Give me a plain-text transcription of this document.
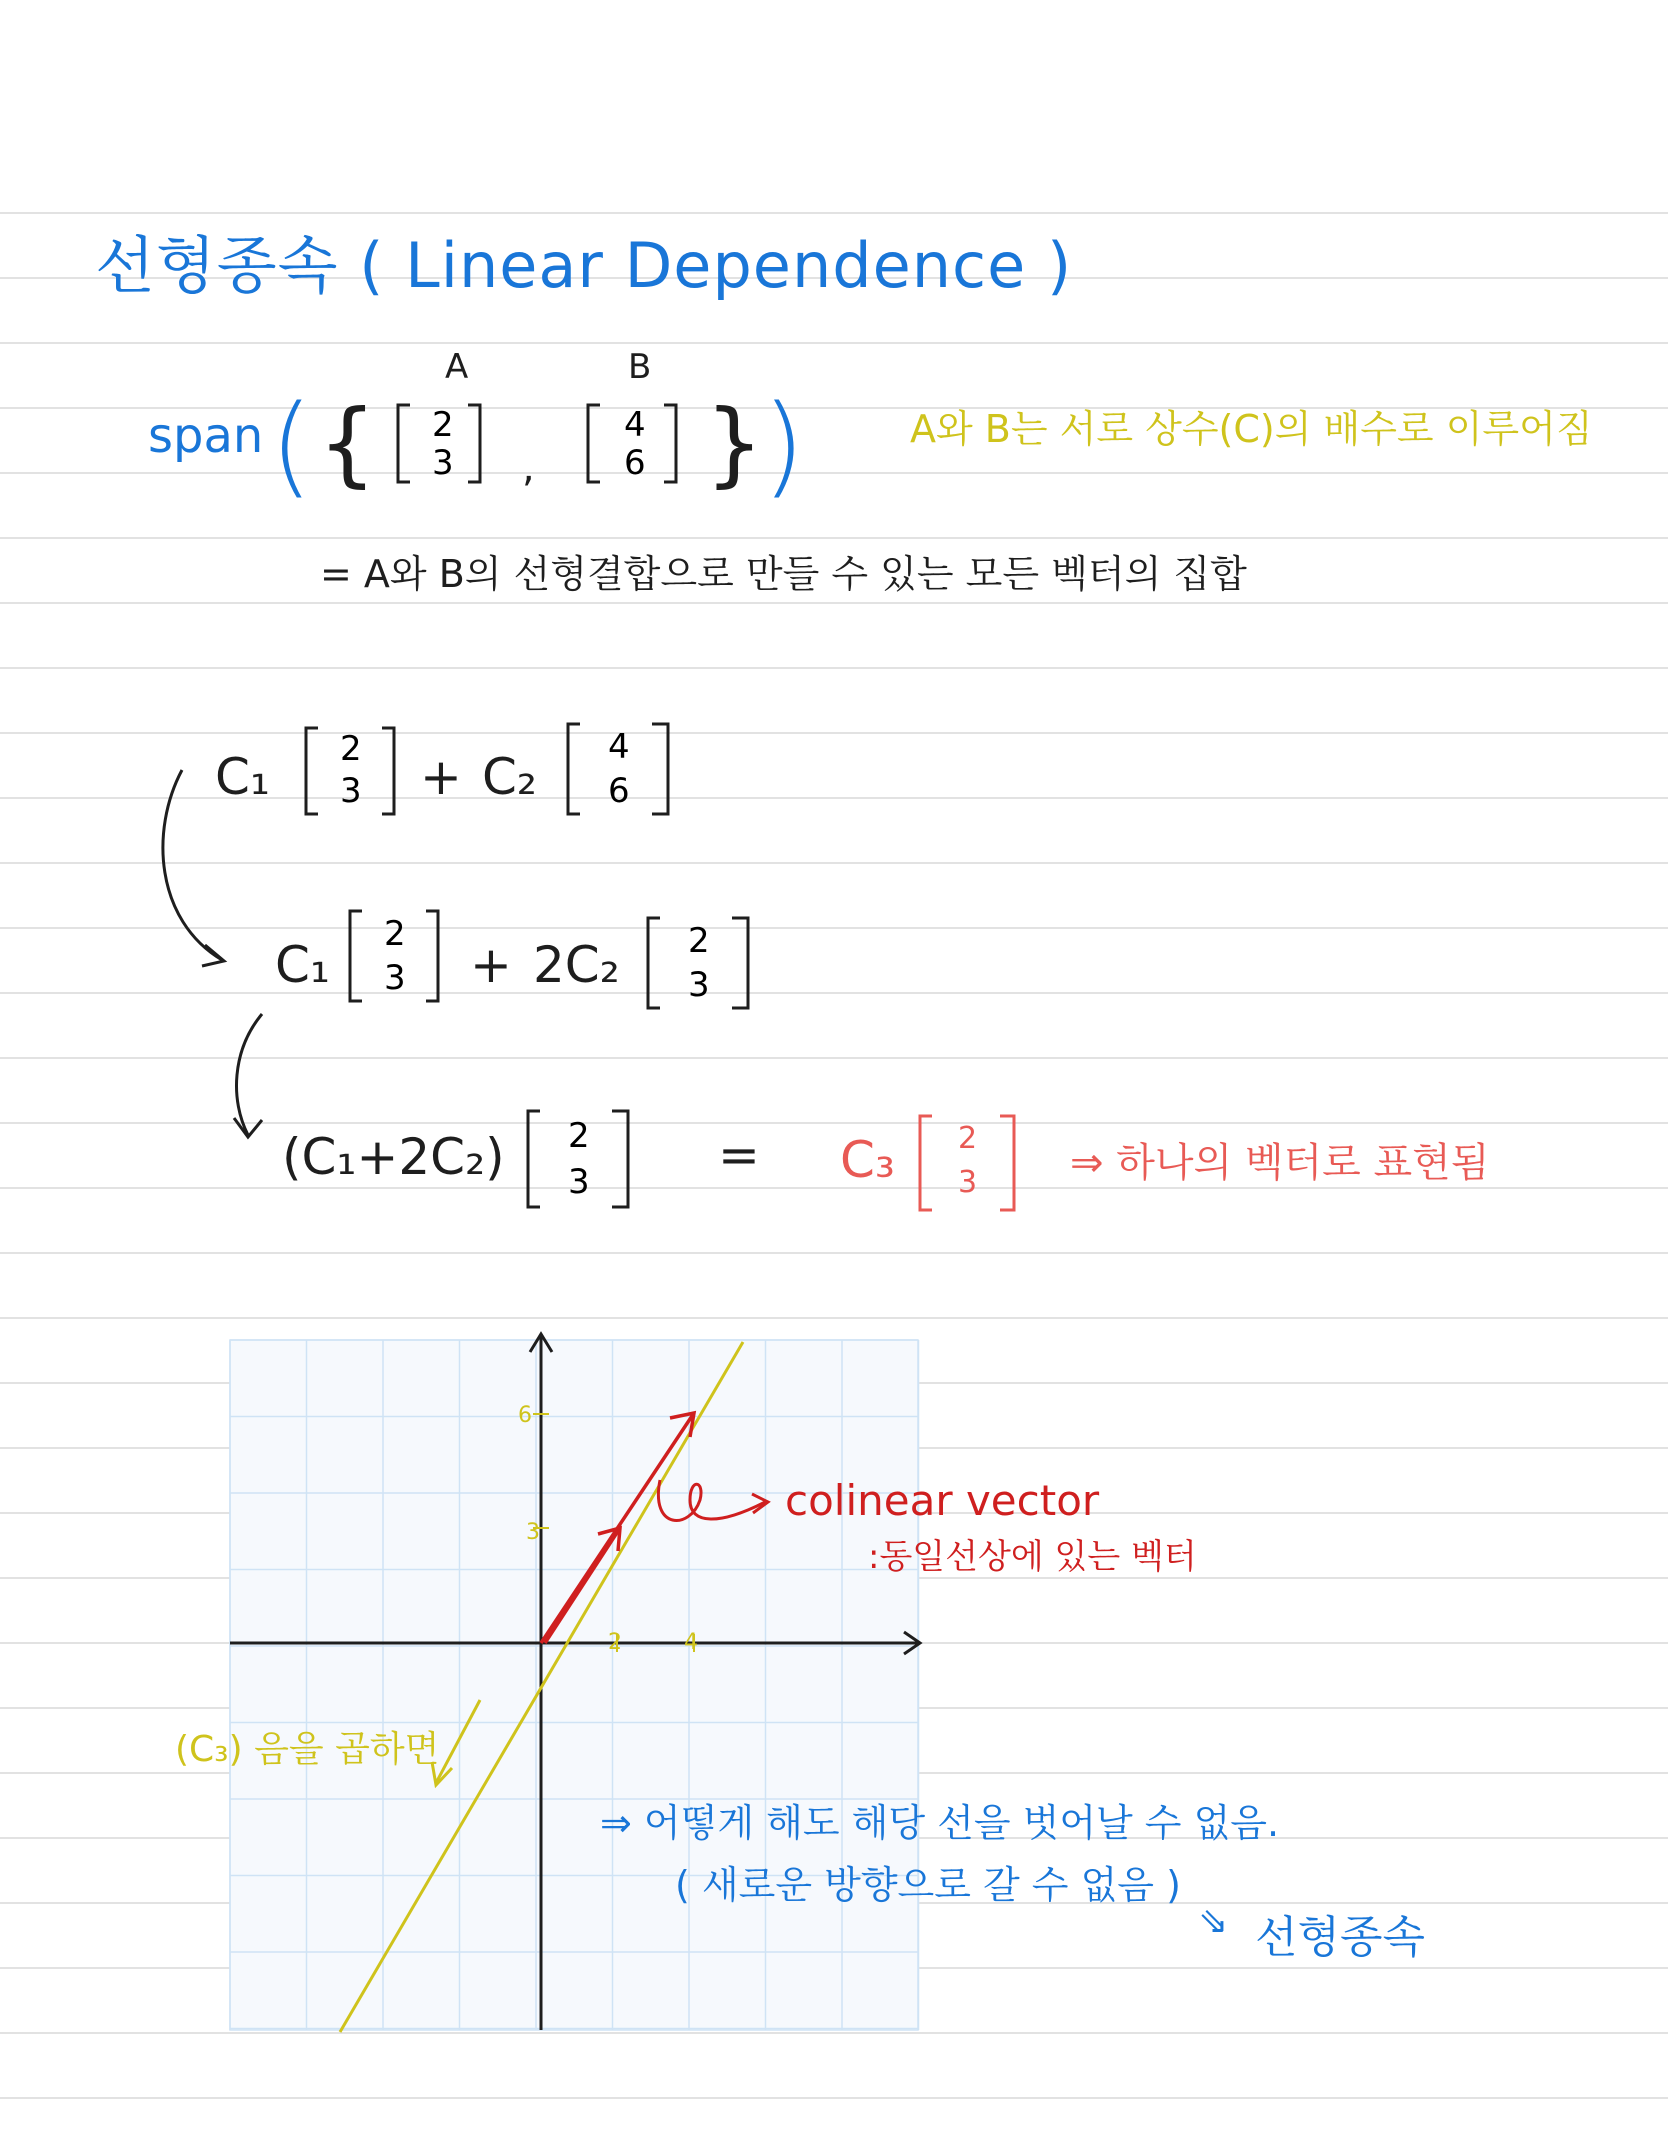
선형종속 ( Linear Dependence )
span ( {
A	B
2
3 ,
4
6 }
)	A와 B는 서로 상수(C)의 배수로 이루어짐
= A와 B의 선형결합으로 만들 수 있는 모든 벡터의 집합
C₁ 2
3 + C₂
4
6
C₁
2
3 + 2C₂ 2
3
(C₁+2C₂) 2
3	= C₃ 2
3 ⇒ 하나의 벡터로 표현됨
6
3
2	4
colinear vector
:동일선상에 있는 벡터
(C₃) 음을 곱하면
⇒ 어떻게 해도 해당 선을 벗어날 수 없음.
( 새로운 방향으로 갈 수 없음 )
⇘ 선형종속
